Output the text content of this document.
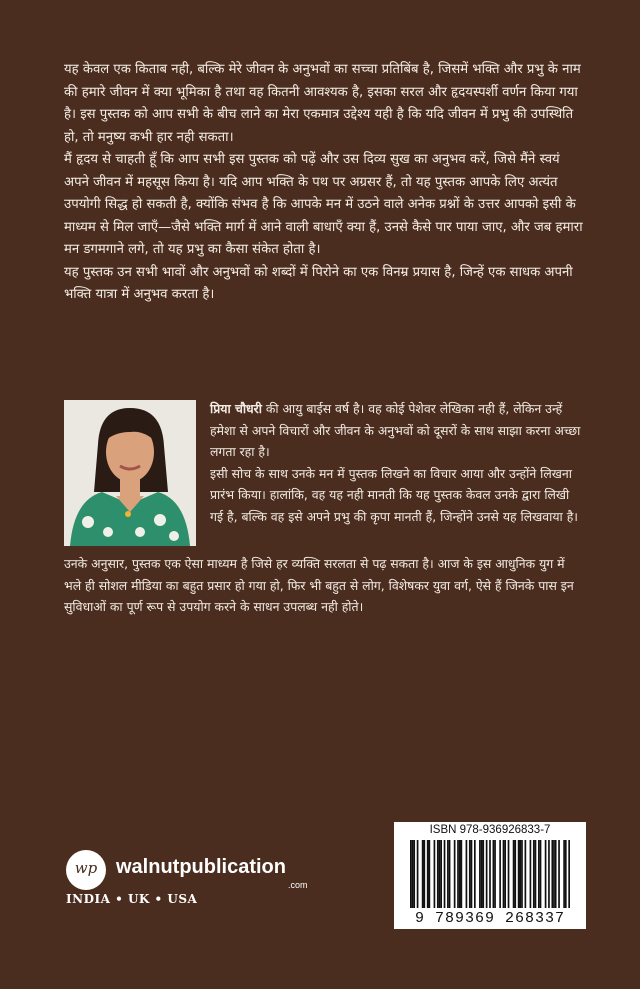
यह केवल एक किताब नही, बल्कि मेरे जीवन के अनुभवों का सच्चा प्रतिबिंब है, जिसमें भक्ति और प्रभु के नाम की हमारे जीवन में क्या भूमिका है तथा वह कितनी आवश्यक है, इसका सरल और हृदयस्पर्शी वर्णन किया गया है। इस पुस्तक को आप सभी के बीच लाने का मेरा एकमात्र उद्देश्य यही है कि यदि जीवन में प्रभु की उपस्थिति हो, तो मनुष्य कभी हार नही सकता।

मैं हृदय से चाहती हूँ कि आप सभी इस पुस्तक को पढ़ें और उस दिव्य सुख का अनुभव करें, जिसे मैंने स्वयं अपने जीवन में महसूस किया है। यदि आप भक्ति के पथ पर अग्रसर हैं, तो यह पुस्तक आपके लिए अत्यंत उपयोगी सिद्ध हो सकती है, क्योंकि संभव है कि आपके मन में उठने वाले अनेक प्रश्नों के उत्तर आपको इसी के माध्यम से मिल जाएँ—जैसे भक्ति मार्ग में आने वाली बाधाएँ क्या हैं, उनसे कैसे पार पाया जाए, और जब हमारा मन डगमगाने लगे, तो यह प्रभु का कैसा संकेत होता है।

यह पुस्तक उन सभी भावों और अनुभवों को शब्दों में पिरोने का एक विनम्र प्रयास है, जिन्हें एक साधक अपनी भक्ति यात्रा में अनुभव करता है।

प्रिया चौधरी की आयु बाईस वर्ष है। वह कोई पेशेवर लेखिका नही हैं, लेकिन उन्हें हमेशा से अपने विचारों और जीवन के अनुभवों को दूसरों के साथ साझा करना अच्छा लगता रहा है।

इसी सोच के साथ उनके मन में पुस्तक लिखने का विचार आया और उन्होंने लिखना प्रारंभ किया। हालांकि, वह यह नही मानती कि यह पुस्तक केवल उनके द्वारा लिखी गई है, बल्कि वह इसे अपने प्रभु की कृपा मानती हैं, जिन्होंने उनसे यह लिखवाया है।

उनके अनुसार, पुस्तक एक ऐसा माध्यम है जिसे हर व्यक्ति सरलता से पढ़ सकता है। आज के इस आधुनिक युग में भले ही सोशल मीडिया का बहुत प्रसार हो गया हो, फिर भी बहुत से लोग, विशेषकर युवा वर्ग, ऐसे हैं जिनके पास इन सुविधाओं का पूर्ण रूप से उपयोग करने के साधन उपलब्ध नही होते।

ISBN 978-936926833-7
9 789369 268337
wp walnutpublication
.com
INDIA • UK • USA
